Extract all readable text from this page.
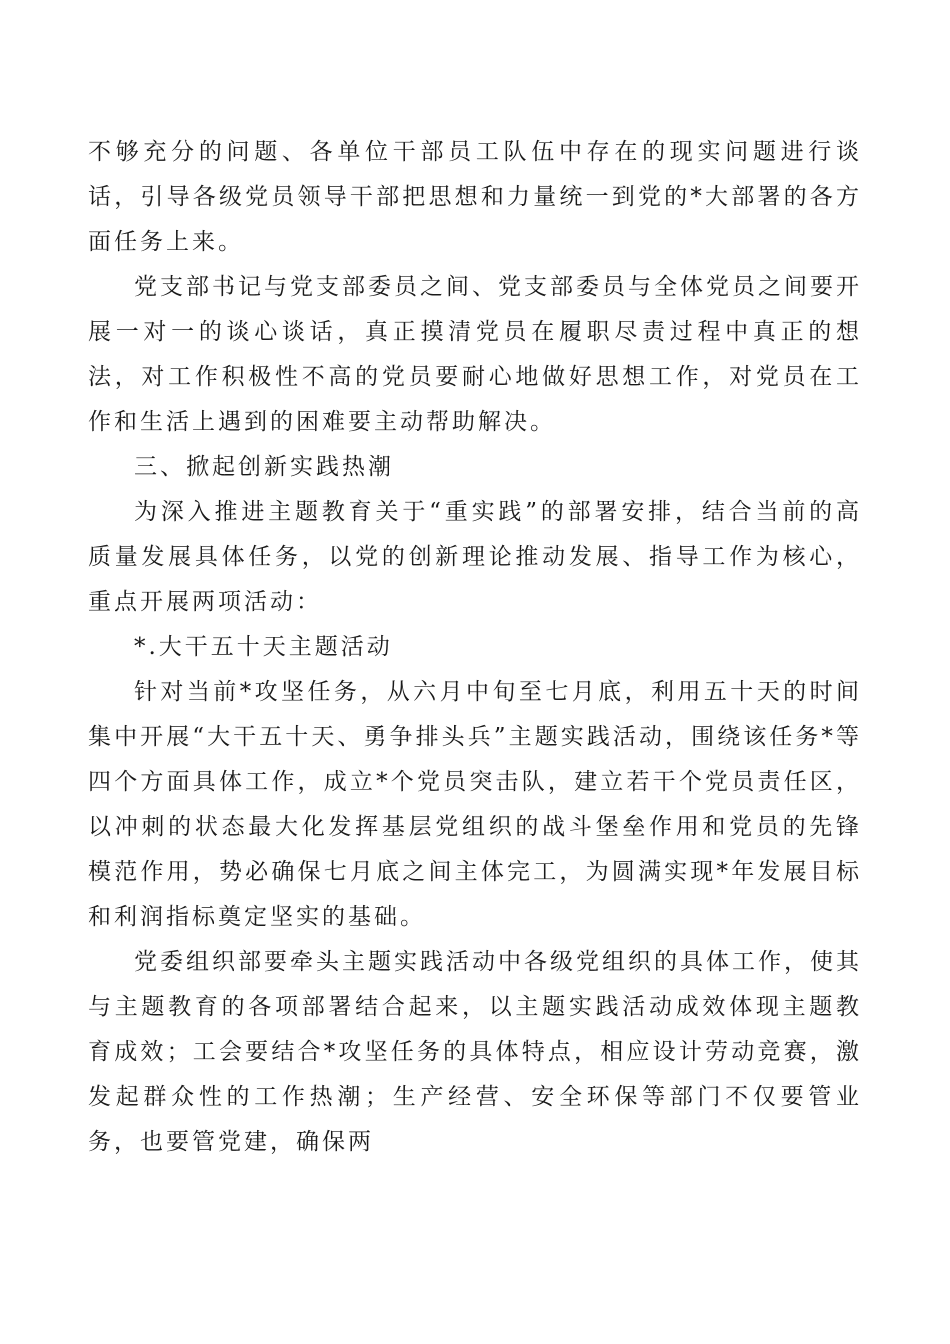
不够充分的问题、各单位干部员工队伍中存在的现实问题进行谈话，引导各级党员领导干部把思想和力量统一到党的*大部署的各方面任务上来。

党支部书记与党支部委员之间、党支部委员与全体党员之间要开展一对一的谈心谈话，真正摸清党员在履职尽责过程中真正的想法，对工作积极性不高的党员要耐心地做好思想工作，对党员在工作和生活上遇到的困难要主动帮助解决。

三、掀起创新实践热潮

为深入推进主题教育关于“重实践”的部署安排，结合当前的高质量发展具体任务，以党的创新理论推动发展、指导工作为核心，重点开展两项活动：

*.大干五十天主题活动

针对当前*攻坚任务，从六月中旬至七月底，利用五十天的时间集中开展“大干五十天、勇争排头兵”主题实践活动，围绕该任务*等四个方面具体工作，成立*个党员突击队，建立若干个党员责任区，以冲刺的状态最大化发挥基层党组织的战斗堡垒作用和党员的先锋模范作用，势必确保七月底之间主体完工，为圆满实现*年发展目标和利润指标奠定坚实的基础。

党委组织部要牵头主题实践活动中各级党组织的具体工作，使其与主题教育的各项部署结合起来，以主题实践活动成效体现主题教育成效；工会要结合*攻坚任务的具体特点，相应设计劳动竞赛，激发起群众性的工作热潮；生产经营、安全环保等部门不仅要管业务，也要管党建，确保两
